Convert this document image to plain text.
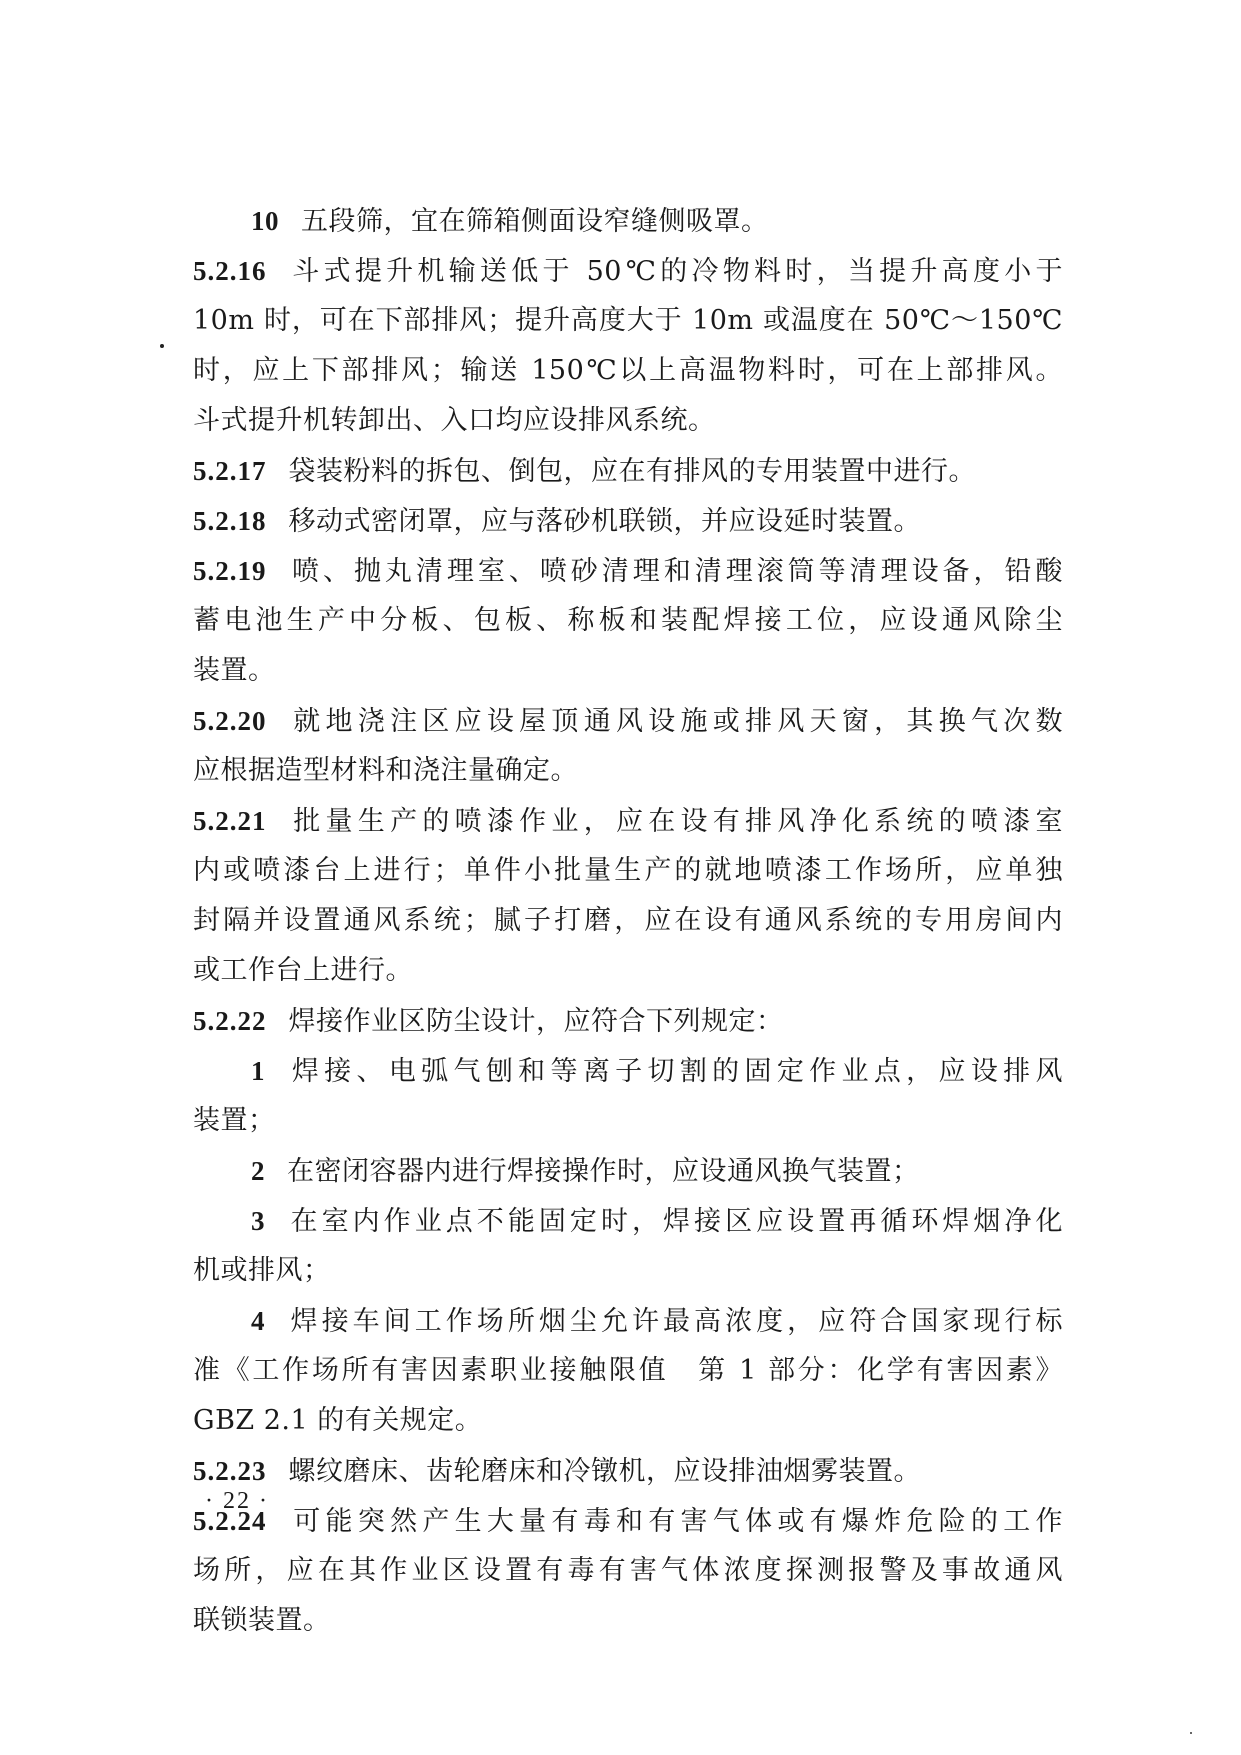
10 五段筛，宜在筛箱侧面设窄缝侧吸罩。
5.2.16 斗式提升机输送低于 50℃的冷物料时，当提升高度小于
10m 时，可在下部排风；提升高度大于 10m 或温度在 50℃～150℃
时，应上下部排风；输送 150℃以上高温物料时，可在上部排风。
斗式提升机转卸出、入口均应设排风系统。
5.2.17 袋装粉料的拆包、倒包，应在有排风的专用装置中进行。
5.2.18 移动式密闭罩，应与落砂机联锁，并应设延时装置。
5.2.19 喷、抛丸清理室、喷砂清理和清理滚筒等清理设备，铅酸
蓄电池生产中分板、包板、称板和装配焊接工位，应设通风除尘
装置。
5.2.20 就地浇注区应设屋顶通风设施或排风天窗，其换气次数
应根据造型材料和浇注量确定。
5.2.21 批量生产的喷漆作业，应在设有排风净化系统的喷漆室
内或喷漆台上进行；单件小批量生产的就地喷漆工作场所，应单独
封隔并设置通风系统；腻子打磨，应在设有通风系统的专用房间内
或工作台上进行。
5.2.22 焊接作业区防尘设计，应符合下列规定：
1 焊接、电弧气刨和等离子切割的固定作业点，应设排风
装置；
2 在密闭容器内进行焊接操作时，应设通风换气装置；
3 在室内作业点不能固定时，焊接区应设置再循环焊烟净化
机或排风；
4 焊接车间工作场所烟尘允许最高浓度，应符合国家现行标
准《工作场所有害因素职业接触限值　第 1 部分：化学有害因素》
GBZ 2.1 的有关规定。
5.2.23 螺纹磨床、齿轮磨床和冷镦机，应设排油烟雾装置。
5.2.24 可能突然产生大量有毒和有害气体或有爆炸危险的工作
场所，应在其作业区设置有毒有害气体浓度探测报警及事故通风
联锁装置。
· 22 ·
